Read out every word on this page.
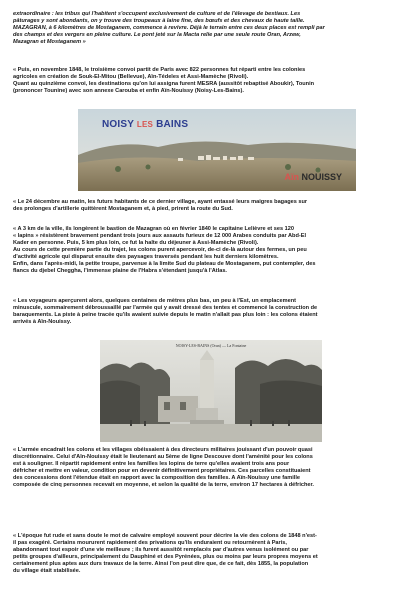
extraordinaire : les tribus qui l'habitent s'occupent exclusivement de culture et de l'élevage de bestiaux. Les

pâturages y sont abondants, on y trouve des troupeaux à laine fine, des bœufs et des chevaux de haute taille.

MAZAGRAN, à 6 kilomètres de Mostaganem, commence à revivre. Déjà le terrain entre ces deux places est rempli par

des champs et des vergers en pleine culture. Le pont jeté sur la Macta relie par une seule route Oran, Arzew,

Mazagran et Mostaganem »

« Puis, en novembre 1848, le troisième convoi partit de Paris avec 822 personnes fut réparti entre les colonies

agricoles en création de Souk-El-Mitou (Bellevue), Aïn-Tédeles et Assi-Mamèche (Rivoli).

Quant au quinzième convoi, les destinations qu'on lui assigna furent MESRA (aussitôt rebaptisé Aboukir), Tounin

(prononcer Tounine) avec son annexe Carouba et enfin Aïn-Nouissy (Noisy-Les-Bains).

NOISY LES BAINS
Aïn NOUISSY

« Le 24 décembre au matin, les futurs habitants de ce dernier village, ayant entassé leurs maigres bagages sur

des prolonges d'artillerie quittèrent Mostaganem et, à pied, prirent la route du Sud.

« A 3 km de la ville, ils longèrent le bastion de Mazagran où en février 1840 le capitaine Lelièvre et ses 120

« lapins » résistèrent bravement pendant trois jours aux assauts furieux de 12 000 Arabes conduits par Abd-El

Kader en personne. Puis, 5 km plus loin, ce fut la halte du déjeuner à Assi-Mamèche (Rivoli).

Au cours de cette première partie du trajet, les colons purent apercevoir, de-ci de-là autour des fermes, un peu

d'activité agricole qui disparut ensuite des paysages traversés pendant les huit derniers kilomètres.

Enfin, dans l'après-midi, la petite troupe, parvenue à la limite Sud du plateau de Mostaganem, put contempler, des

flancs du djebel Cheggha, l'immense plaine de l'Habra s'étendant jusqu'à l'Atlas.

« Les voyageurs aperçurent alors, quelques centaines de mètres plus bas, un peu à l'Est, un emplacement

minuscule, sommairement débroussaillé par l'armée qui y avait dressé des tentes et commencé la construction de

baraquements. La piste à peine tracée qu'ils avaient suivie depuis le matin n'allait pas plus loin : les colons étaient

arrivés à Aïn-Nouissy.

NOISY-LES-BAINS (Oran) — La Fontaine

« L'armée encadrait les colons et les villages obéissaient à des directeurs militaires jouissant d'un pouvoir quasi

discrétionnaire. Celui d'Aïn-Nouissy était le lieutenant au 5ème de ligne Descouve dont l'aménité pour les colons

est à souligner. Il répartit rapidement entre les familles les lopins de terre qu'elles avaient trois ans pour

défricher et mettre en valeur, condition pour en devenir définitivement propriétaires. Ces parcelles constituaient

des concessions dont l'étendue était en rapport avec la composition des familles. A Aïn-Nouissy une famille

composée de cinq personnes recevait en moyenne, et selon la qualité de la terre, environ 17 hectares à défricher.

« L'époque fut rude et sans doute le mot de calvaire employé souvent pour décrire la vie des colons de 1848 n'est-

il pas exagéré. Certains moururent rapidement des privations qu'ils enduraient ou retournèrent à Paris,

abandonnant tout espoir d'une vie meilleure ; ils furent aussitôt remplacés par d'autres venus isolément ou par

petits groupes d'ailleurs, principalement du Dauphiné et des Pyrénées, plus ou moins par leurs propres moyens et

certainement plus aptes aux durs travaux de la terre. Ainsi l'on peut dire que, de ce fait, dès 1855, la population

du village était stabilisée.
